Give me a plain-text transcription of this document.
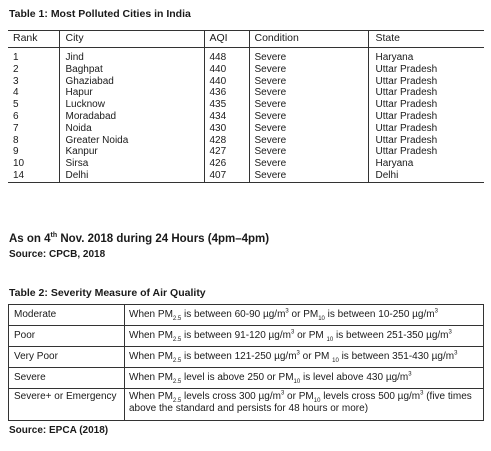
Table 1: Most Polluted Cities in India
Rank	City	AQI	Condition	State
1	Jind	448	Severe	Haryana
2	Baghpat	440	Severe	Uttar Pradesh
3	Ghaziabad	440	Severe	Uttar Pradesh
4	Hapur	436	Severe	Uttar Pradesh
5	Lucknow	435	Severe	Uttar Pradesh
6	Moradabad	434	Severe	Uttar Pradesh
7	Noida	430	Severe	Uttar Pradesh
8	Greater Noida	428	Severe	Uttar Pradesh
9	Kanpur	427	Severe	Uttar Pradesh
10	Sirsa	426	Severe	Haryana
14	Delhi	407	Severe	Delhi
As on 4th Nov. 2018 during 24 Hours (4pm–4pm)
Source: CPCB, 2018
Table 2: Severity Measure of Air Quality
Moderate	When $PM_{2.5}$ is between 60-90 $\mu g/m^3$ or $PM_{10}$ is between 10-250 $\mu g/m^3$
Poor	When $PM_{2.5}$ is between 91-120 $\mu g/m^3$ or PM $_{10}$ is between 251-350 $\mu g/m^3$
Very Poor	When $PM_{2.5}$ is between 121-250 $\mu g/m^3$ or PM $_{10}$ is between 351-430 $\mu g/m^3$
Severe	When $PM_{2.5}$ level is above 250 or $PM_{10}$ is level above 430 $\mu g/m^3$
Severe+ or Emergency	When $PM_{2.5}$ levels cross 300 $\mu g/m^3$ or $PM_{10}$ levels cross 500 $\mu g/m^3$ (five times above the standard and persists for 48 hours or more)
Source: EPCA (2018)
